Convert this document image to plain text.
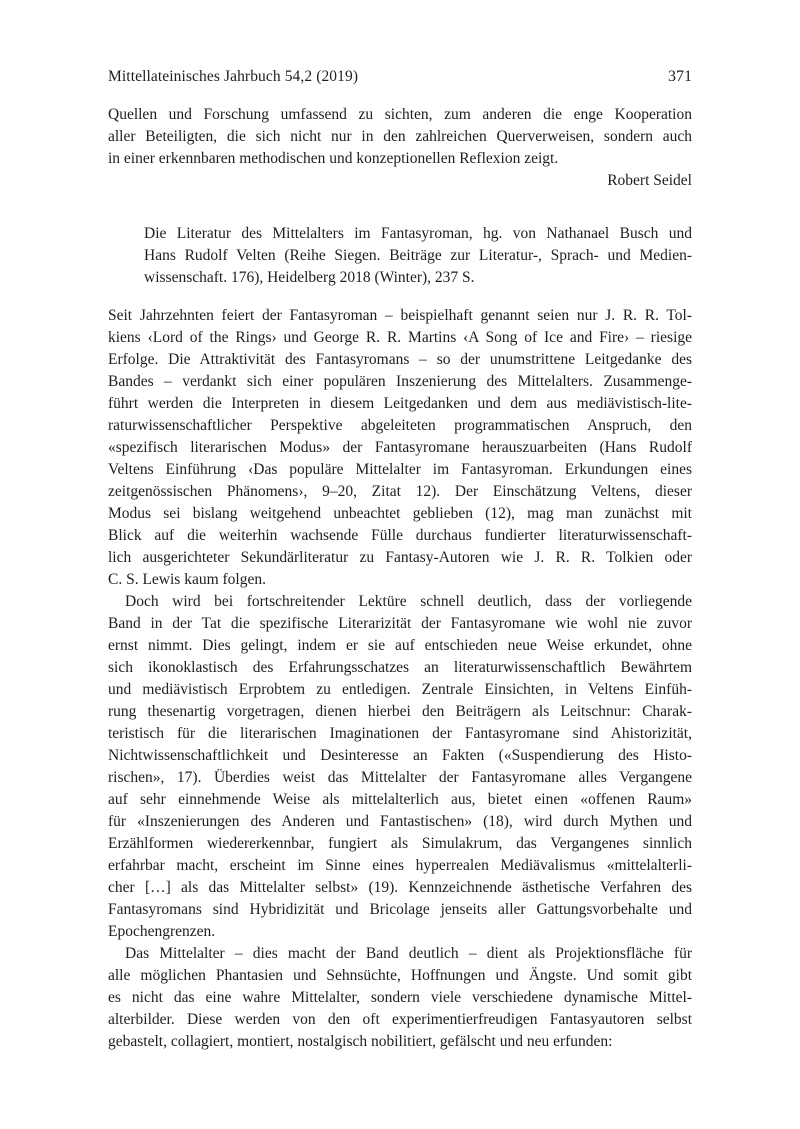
Mittellateinisches Jahrbuch 54,2 (2019)	371
Quellen und Forschung umfassend zu sichten, zum anderen die enge Kooperation
aller Beteiligten, die sich nicht nur in den zahlreichen Querverweisen, sondern auch
in einer erkennbaren methodischen und konzeptionellen Reflexion zeigt.
Robert Seidel
Die Literatur des Mittelalters im Fantasyroman, hg. von Nathanael Busch und
Hans Rudolf Velten (Reihe Siegen. Beiträge zur Literatur-, Sprach- und Medien-
wissenschaft. 176), Heidelberg 2018 (Winter), 237 S.
Seit Jahrzehnten feiert der Fantasyroman – beispielhaft genannt seien nur J. R. R. Tol-
kiens ‹Lord of the Rings› und George R. R. Martins ‹A Song of Ice and Fire› – riesige
Erfolge. Die Attraktivität des Fantasyromans – so der unumstrittene Leitgedanke des
Bandes – verdankt sich einer populären Inszenierung des Mittelalters. Zusammenge-
führt werden die Interpreten in diesem Leitgedanken und dem aus mediävistisch-lite-
raturwissenschaftlicher Perspektive abgeleiteten programmatischen Anspruch, den
«spezifisch literarischen Modus» der Fantasyromane herauszuarbeiten (Hans Rudolf
Veltens Einführung ‹Das populäre Mittelalter im Fantasyroman. Erkundungen eines
zeitgenössischen Phänomens›, 9–20, Zitat 12). Der Einschätzung Veltens, dieser
Modus sei bislang weitgehend unbeachtet geblieben (12), mag man zunächst mit
Blick auf die weiterhin wachsende Fülle durchaus fundierter literaturwissenschaft-
lich ausgerichteter Sekundärliteratur zu Fantasy-Autoren wie J. R. R. Tolkien oder
C. S. Lewis kaum folgen.
Doch wird bei fortschreitender Lektüre schnell deutlich, dass der vorliegende
Band in der Tat die spezifische Literarizität der Fantasyromane wie wohl nie zuvor
ernst nimmt. Dies gelingt, indem er sie auf entschieden neue Weise erkundet, ohne
sich ikonoklastisch des Erfahrungsschatzes an literaturwissenschaftlich Bewährtem
und mediävistisch Erprobtem zu entledigen. Zentrale Einsichten, in Veltens Einfüh-
rung thesenartig vorgetragen, dienen hierbei den Beiträgern als Leitschnur: Charak-
teristisch für die literarischen Imaginationen der Fantasyromane sind Ahistorizität,
Nichtwissenschaftlichkeit und Desinteresse an Fakten («Suspendierung des Histo-
rischen», 17). Überdies weist das Mittelalter der Fantasyromane alles Vergangene
auf sehr einnehmende Weise als mittelalterlich aus, bietet einen «offenen Raum»
für «Inszenierungen des Anderen und Fantastischen» (18), wird durch Mythen und
Erzählformen wiedererkennbar, fungiert als Simulakrum, das Vergangenes sinnlich
erfahrbar macht, erscheint im Sinne eines hyperrealen Mediävalismus «mittelalterli-
cher […] als das Mittelalter selbst» (19). Kennzeichnende ästhetische Verfahren des
Fantasyromans sind Hybridizität und Bricolage jenseits aller Gattungsvorbehalte und
Epochengrenzen.
Das Mittelalter – dies macht der Band deutlich – dient als Projektionsfläche für
alle möglichen Phantasien und Sehnsüchte, Hoffnungen und Ängste. Und somit gibt
es nicht das eine wahre Mittelalter, sondern viele verschiedene dynamische Mittel-
alterbilder. Diese werden von den oft experimentierfreudigen Fantasyautoren selbst
gebastelt, collagiert, montiert, nostalgisch nobilitiert, gefälscht und neu erfunden:
